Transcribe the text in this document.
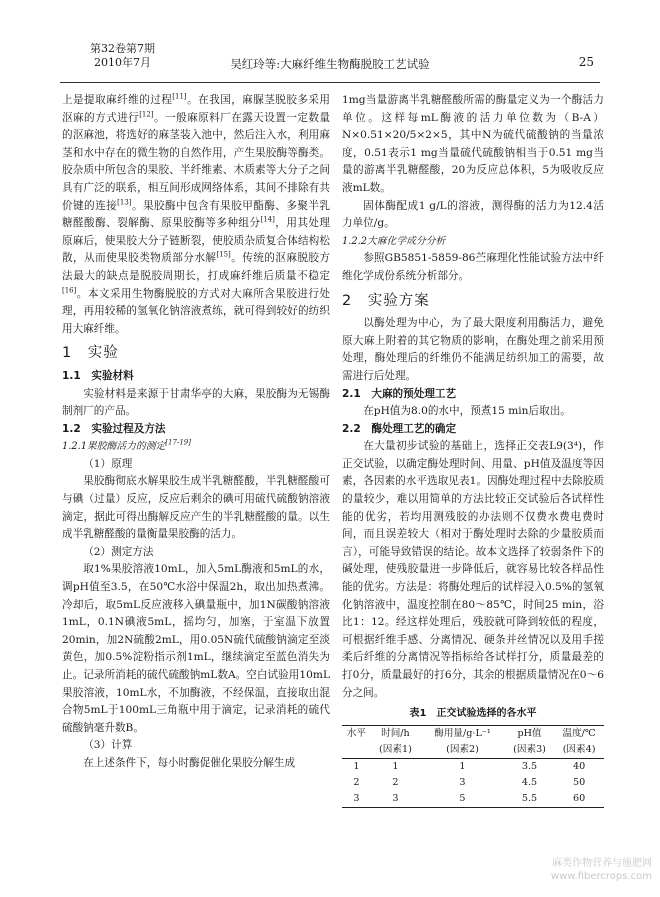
第32卷第7期
2010年7月	吴红玲等:大麻纤维生物酶脱胶工艺试验	25

上是提取麻纤维的过程[11]。在我国，麻脲茎脱胶多采用沤麻的方式进行[12]。一般麻原料厂在露天设置一定数量的沤麻池，将选好的麻茎装入池中，然后注入水，利用麻茎和水中存在的微生物的自然作用，产生果胶酶等酶类。胶杂质中所包含的果胶、半纤维素、木质素等大分子之间具有广泛的联系，相互间形成网络体系，其间不排除有共价键的连接[13]。果胶酶中包含有果胶甲酯酶、多聚半乳糖醛酸酶、裂解酶、原果胶酶等多种组分[14]，用其处理原麻后，使果胶大分子链断裂，使胶质杂质复合体结构松散，从而使果胶类物质部分水解[15]。传统的沤麻脱胶方法最大的缺点是脱胶周期长，打成麻纤维后质量不稳定[16]。本文采用生物酶脱胶的方式对大麻所含果胶进行处理，再用较稀的氢氧化钠溶液煮练，就可得到较好的纺织用大麻纤维。

1　实验
1.1　实验材料

实验材料是来源于甘肃华亭的大麻，果胶酶为无锡酶制剂厂的产品。

1.2　实验过程及方法
1.2.1果胶酶活力的测定[17-19]

（1）原理

果胶酶彻底水解果胶生成半乳糖醛酸，半乳糖醛酸可与碘（过量）反应，反应后剩余的碘可用硫代硫酸钠溶液滴定，据此可得出酶解反应产生的半乳糖醛酸的量。以生成半乳糖醛酸的量衡量果胶酶的活力。

（2）测定方法

取1%果胶溶液10mL，加入5mL酶液和5mL的水，调pH值至3.5，在50℃水浴中保温2h，取出加热煮沸。冷却后，取5mL反应液移入碘量瓶中，加1N碳酸钠溶液1mL，0.1N碘液5mL，摇均匀，加塞，于室温下放置20min，加2N硫酸2mL，用0.05N硫代硫酸钠滴定至淡黄色，加0.5%淀粉指示剂1mL，继续滴定至蓝色消失为止。记录所消耗的硫代硫酸钠mL数A。空白试验用10mL果胶溶液，10mL水，不加酶液，不经保温，直接取出混合物5mL于100mL三角瓶中用于滴定，记录消耗的硫代硫酸钠毫升数B。

（3）计算

在上述条件下，每小时酶促催化果胶分解生成

1mg当量游离半乳糖醛酸所需的酶量定义为一个酶活力单位。这样每mL酶液的活力单位数为（B-A）N×0.51×20/5×2×5，其中N为硫代硫酸钠的当量浓度，0.51表示1 mg当量硫代硫酸钠相当于0.51 mg当量的游离半乳糖醛酸，20为反应总体积，5为吸收反应液mL数。

固体酶配成1 g/L的溶液，测得酶的活力为12.4活力单位/g。

1.2.2大麻化学成分分析

参照GB5851-5859-86苎麻理化性能试验方法中纤维化学成份系统分析部分。

2　实验方案

以酶处理为中心，为了最大限度利用酶活力，避免原大麻上附着的其它物质的影响，在酶处理之前采用预处理，酶处理后的纤维仍不能满足纺织加工的需要，故需进行后处理。

2.1　大麻的预处理工艺

在pH值为8.0的水中，预煮15 min后取出。

2.2　酶处理工艺的确定

在大量初步试验的基础上，选择正交表L9(3⁴)，作正交试验，以确定酶处理时间、用量、pH值及温度等因素，各因素的水平选取见表1。因酶处理过程中去除胶质的量较少，难以用简单的方法比较正交试验后各试样性能的优劣，若均用测残胶的办法则不仅费水费电费时间，而且误差较大（相对于酶处理时去除的少量胶质而言），可能导致错误的结论。故本文选择了较弱条件下的碱处理，使残胶量进一步降低后，就容易比较各样品性能的优劣。方法是：将酶处理后的试样浸入0.5%的氢氧化钠溶液中，温度控制在80～85℃，时间25 min，浴比1：12。经这样处理后，残胶就可降到较低的程度，可根据纤维手感、分离情况、硬条并丝情况以及用手搓柔后纤维的分离情况等指标给各试样打分，质量最差的打0分，质量最好的打6分，其余的根据质量情况在0～6分之间。

表1　正交试验选择的各水平
水平	时间/h	酶用量/g·L⁻¹	pH值	温度/℃
	(因素1)	(因素2)	(因素3)	(因素4)
1	1	1	3.5	40
2	2	3	4.5	50
3	3	5	5.5	60
麻类作物营养与施肥网
www.fibercrops.com
